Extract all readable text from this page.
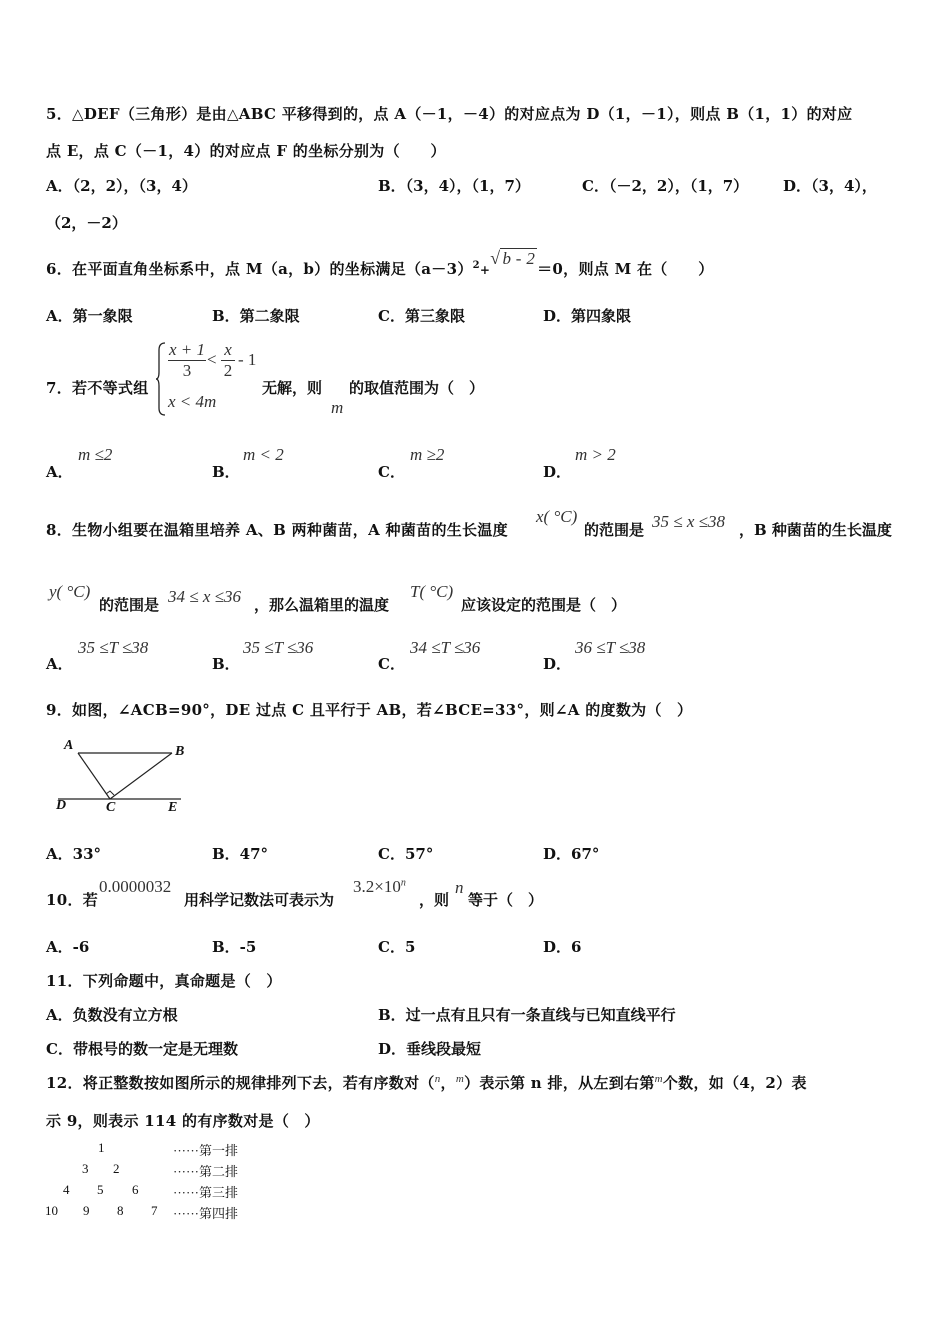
5．△DEF（三角形）是由△ABC 平移得到的，点 A（－1，－4）的对应点为 D（1，－1），则点 B（1，1）的对应
点 E，点 C（－1，4）的对应点 F 的坐标分别为（　　）
A．（2，2），（3，4）	B．（3，4），（1，7）	C．（－2，2），（1，7） D．（3，4），
（2，－2）
6．在平面直角坐标系中，点 M（a，b）的坐标满足$(a-3)^2+√$ b - 2＝0，则点 M 在（　　）
A．第一象限	B．第二象限	C．第三象限	D．第四象限
7．若不等式组
$\frac{x + 1}{3} < \frac{x}{2} - 1$
x < 4m
无解，则
m
的取值范围为（　）
A．
m ≤2
B．
m < 2
C．
m ≥2
D．
m > 2
8．生物小组要在温箱里培养 A、B 两种菌苗，A 种菌苗的生长温度
x( °C)
的范围是 35 ≤ x ≤38 ，B 种菌苗的生长温度
y( °C)
的范围是 34 ≤ x ≤36 ，那么温箱里的温度
T( °C)
应该设定的范围是（　）
A．
35 ≤T ≤38
B．
35 ≤T ≤36
C．
34 ≤T ≤36
D．
36 ≤T ≤38
9．如图，∠ACB=90°，DE 过点 C 且平行于 AB，若∠BCE=33°，则∠A 的度数为（　）
A	B
C
D	E
A．33°	B．47°	C．57°	D．67°
10．若
0.0000032
用科学记数法可表示为
$3.2\times 10^n$
，则
n
等于（　）
A．-6	B．-5	C．5	D．6
11．下列命题中，真命题是（　）
A．负数没有立方根	B．过一点有且只有一条直线与已知直线平行
C．带根号的数一定是无理数	D．垂线段最短
12．将正整数按如图所示的规律排列下去，若有序数对（$^n$，$^m$）表示第 n 排，从左到右第$^m$个数，如（4，2）表
示 9，则表示 114 的有序数对是（　）
1	······第一排
3 2	······第二排
4 5 6	······第三排
10 9 8 7 ······第四排
